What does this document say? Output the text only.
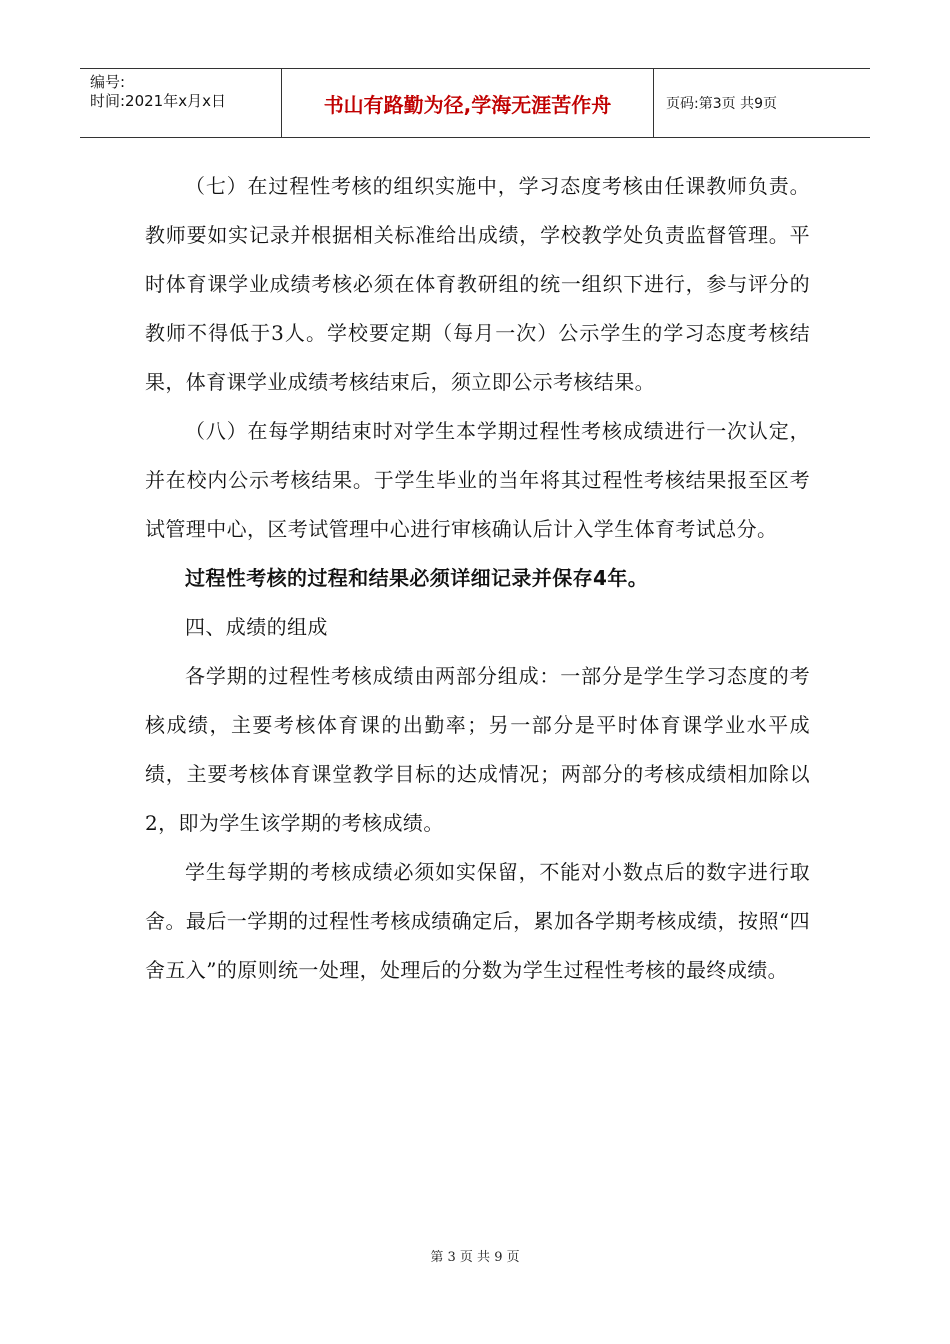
编号:
时间:2021年x月x日	书山有路勤为径,学海无涯苦作舟	页码:第3页 共9页

（七）在过程性考核的组织实施中，学习态度考核由任课教师负责。教师要如实记录并根据相关标准给出成绩，学校教学处负责监督管理。平时体育课学业成绩考核必须在体育教研组的统一组织下进行，参与评分的教师不得低于3人。学校要定期（每月一次）公示学生的学习态度考核结果，体育课学业成绩考核结束后，须立即公示考核结果。

（八）在每学期结束时对学生本学期过程性考核成绩进行一次认定，并在校内公示考核结果。于学生毕业的当年将其过程性考核结果报至区考试管理中心，区考试管理中心进行审核确认后计入学生体育考试总分。

过程性考核的过程和结果必须详细记录并保存4年。

四、成绩的组成

各学期的过程性考核成绩由两部分组成：一部分是学生学习态度的考核成绩，主要考核体育课的出勤率；另一部分是平时体育课学业水平成绩，主要考核体育课堂教学目标的达成情况；两部分的考核成绩相加除以2，即为学生该学期的考核成绩。

学生每学期的考核成绩必须如实保留，不能对小数点后的数字进行取舍。最后一学期的过程性考核成绩确定后，累加各学期考核成绩，按照“四舍五入”的原则统一处理，处理后的分数为学生过程性考核的最终成绩。

第 3 页 共 9 页
